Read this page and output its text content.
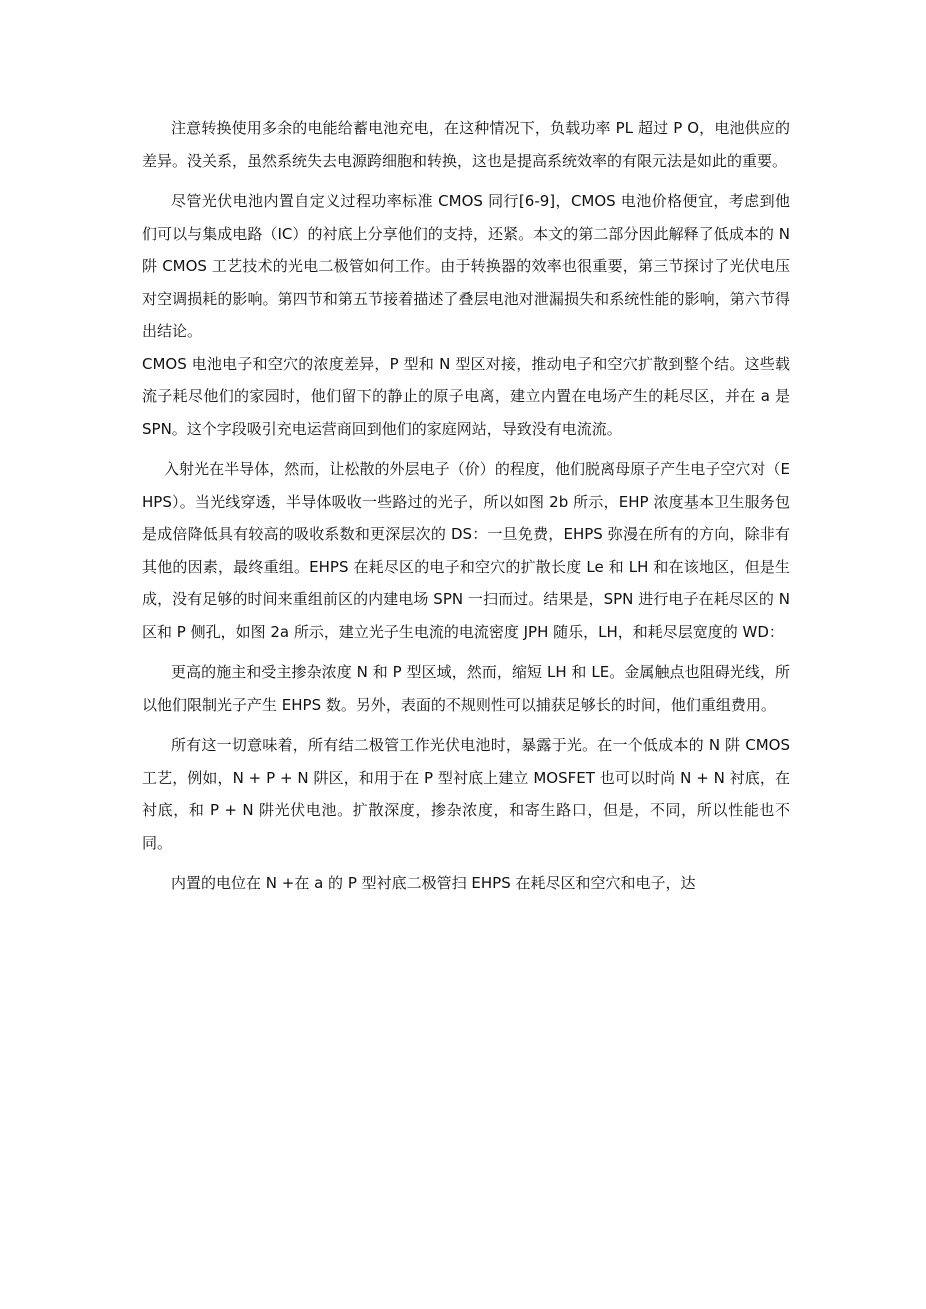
注意转换使用多余的电能给蓄电池充电，在这种情况下，负载功率 PL 超过 P O，电池供应的差异。没关系，虽然系统失去电源跨细胞和转换，这也是提高系统效率的有限元法是如此的重要。

尽管光伏电池内置自定义过程功率标准 CMOS 同行[6-9]，CMOS 电池价格便宜，考虑到他们可以与集成电路（IC）的衬底上分享他们的支持，还紧。本文的第二部分因此解释了低成本的 N 阱 CMOS 工艺技术的光电二极管如何工作。由于转换器的效率也很重要，第三节探讨了光伏电压对空调损耗的影响。第四节和第五节接着描述了叠层电池对泄漏损失和系统性能的影响，第六节得出结论。

CMOS 电池电子和空穴的浓度差异，P 型和 N 型区对接，推动电子和空穴扩散到整个结。这些载流子耗尽他们的家园时，他们留下的静止的原子电离，建立内置在电场产生的耗尽区，并在 a 是 SPN。这个字段吸引充电运营商回到他们的家庭网站，导致没有电流流。

入射光在半导体，然而，让松散的外层电子（价）的程度，他们脱离母原子产生电子空穴对（EHPS）。当光线穿透，半导体吸收一些路过的光子，所以如图 2b 所示，EHP 浓度基本卫生服务包是成倍降低具有较高的吸收系数和更深层次的 DS：一旦免费，EHPS 弥漫在所有的方向，除非有其他的因素，最终重组。EHPS 在耗尽区的电子和空穴的扩散长度 Le 和 LH 和在该地区，但是生成，没有足够的时间来重组前区的内建电场 SPN 一扫而过。结果是，SPN 进行电子在耗尽区的 N 区和 P 侧孔，如图 2a 所示，建立光子生电流的电流密度 JPH 随乐，LH，和耗尽层宽度的 WD：

更高的施主和受主掺杂浓度 N 和 P 型区域，然而，缩短 LH 和 LE。金属触点也阻碍光线，所以他们限制光子产生 EHPS 数。另外，表面的不规则性可以捕获足够长的时间，他们重组费用。

所有这一切意味着，所有结二极管工作光伏电池时，暴露于光。在一个低成本的 N 阱 CMOS 工艺，例如，N + P + N 阱区，和用于在 P 型衬底上建立 MOSFET 也可以时尚 N + N 衬底，在衬底，和 P + N 阱光伏电池。扩散深度，掺杂浓度，和寄生路口，但是，不同，所以性能也不同。

内置的电位在 N +在 a 的 P 型衬底二极管扫 EHPS 在耗尽区和空穴和电子，达
